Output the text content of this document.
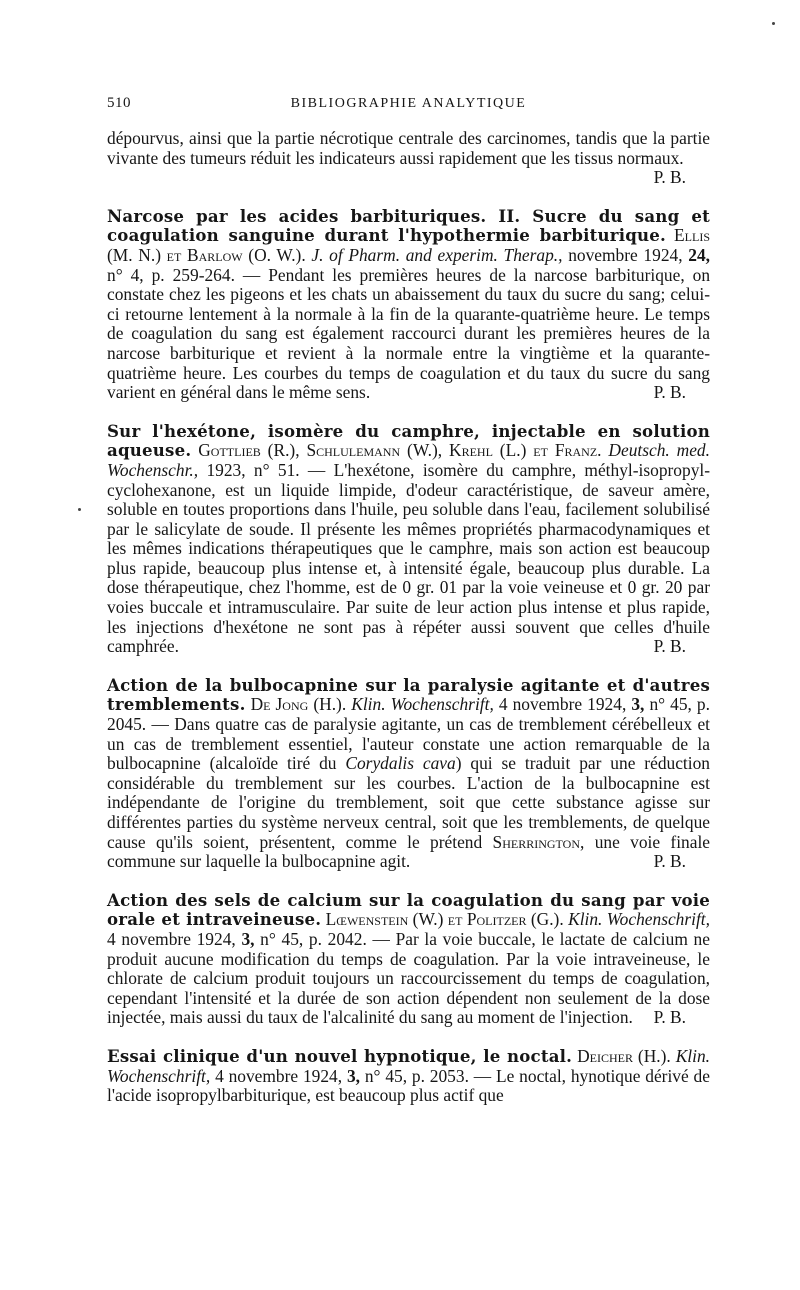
510	BIBLIOGRAPHIE ANALYTIQUE

dépourvus, ainsi que la partie nécrotique centrale des carcinomes, tandis que la partie vivante des tumeurs réduit les indicateurs aussi rapidement que les tissus normaux.
P. B.

Narcose par les acides barbituriques. II. Sucre du sang et coagulation sanguine durant l'hypothermie barbiturique. Ellis (M. N.) et Barlow (O. W.). J. of Pharm. and experim. Therap., novembre 1924, 24, n° 4, p. 259-264. — Pendant les premières heures de la narcose barbiturique, on constate chez les pigeons et les chats un abaissement du taux du sucre du sang; celui-ci retourne lentement à la normale à la fin de la quarante-quatrième heure. Le temps de coagulation du sang est également raccourci durant les premières heures de la narcose barbiturique et revient à la normale entre la vingtième et la quarante-quatrième heure. Les courbes du temps de coagulation et du taux du sucre du sang varient en général dans le même sens.	P. B.

Sur l'hexétone, isomère du camphre, injectable en solution aqueuse. Gottlieb (R.), Schlulemann (W.), Krehl (L.) et Franz. Deutsch. med. Wochenschr., 1923, n° 51. — L'hexétone, isomère du camphre, méthyl-isopropyl-cyclohexanone, est un liquide limpide, d'odeur caractéristique, de saveur amère, soluble en toutes proportions dans l'huile, peu soluble dans l'eau, facilement solubilisé par le salicylate de soude. Il présente les mêmes propriétés pharmacodynamiques et les mêmes indications thérapeutiques que le camphre, mais son action est beaucoup plus rapide, beaucoup plus intense et, à intensité égale, beaucoup plus durable. La dose thérapeutique, chez l'homme, est de 0 gr. 01 par la voie veineuse et 0 gr. 20 par voies buccale et intramusculaire. Par suite de leur action plus intense et plus rapide, les injections d'hexétone ne sont pas à répéter aussi souvent que celles d'huile camphrée.	P. B.

Action de la bulbocapnine sur la paralysie agitante et d'autres tremblements. De Jong (H.). Klin. Wochenschrift, 4 novembre 1924, 3, n° 45, p. 2045. — Dans quatre cas de paralysie agitante, un cas de tremblement cérébelleux et un cas de tremblement essentiel, l'auteur constate une action remarquable de la bulbocapnine (alcaloïde tiré du Corydalis cava) qui se traduit par une réduction considérable du tremblement sur les courbes. L'action de la bulbocapnine est indépendante de l'origine du tremblement, soit que cette substance agisse sur différentes parties du système nerveux central, soit que les tremblements, de quelque cause qu'ils soient, présentent, comme le prétend Sherrington, une voie finale commune sur laquelle la bulbocapnine agit.	P. B.

Action des sels de calcium sur la coagulation du sang par voie orale et intraveineuse. Lœwenstein (W.) et Politzer (G.). Klin. Wochenschrift, 4 novembre 1924, 3, n° 45, p. 2042. — Par la voie buccale, le lactate de calcium ne produit aucune modification du temps de coagulation. Par la voie intraveineuse, le chlorate de calcium produit toujours un raccourcissement du temps de coagulation, cependant l'intensité et la durée de son action dépendent non seulement de la dose injectée, mais aussi du taux de l'alcalinité du sang au moment de l'injection. P. B.

Essai clinique d'un nouvel hypnotique, le noctal. Deicher (H.). Klin. Wochenschrift, 4 novembre 1924, 3, n° 45, p. 2053. — Le noctal, hynotique dérivé de l'acide isopropylbarbiturique, est beaucoup plus actif que
